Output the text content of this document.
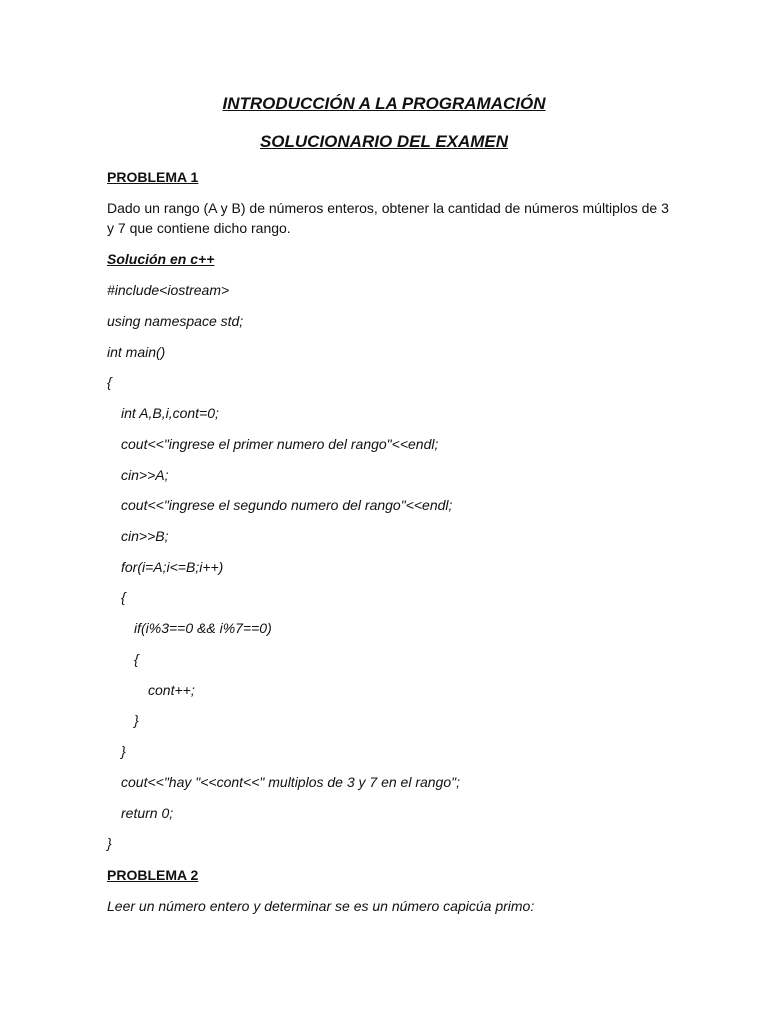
INTRODUCCIÓN A LA PROGRAMACIÓN
SOLUCIONARIO DEL EXAMEN
PROBLEMA 1
Dado un rango (A y B) de números enteros, obtener la cantidad de números múltiplos de 3
y 7 que contiene dicho rango.
Solución en c++
#include<iostream>
using namespace std;
int main()
{
int A,B,i,cont=0;
cout<<"ingrese el primer numero del rango"<<endl;
cin>>A;
cout<<"ingrese el segundo numero del rango"<<endl;
cin>>B;
for(i=A;i<=B;i++)
{
if(i%3==0 && i%7==0)
{
cont++;
}
}
cout<<"hay "<<cont<<" multiplos de 3 y 7 en el rango";
return 0;
}
PROBLEMA 2
Leer un número entero y determinar se es un número capicúa primo:
